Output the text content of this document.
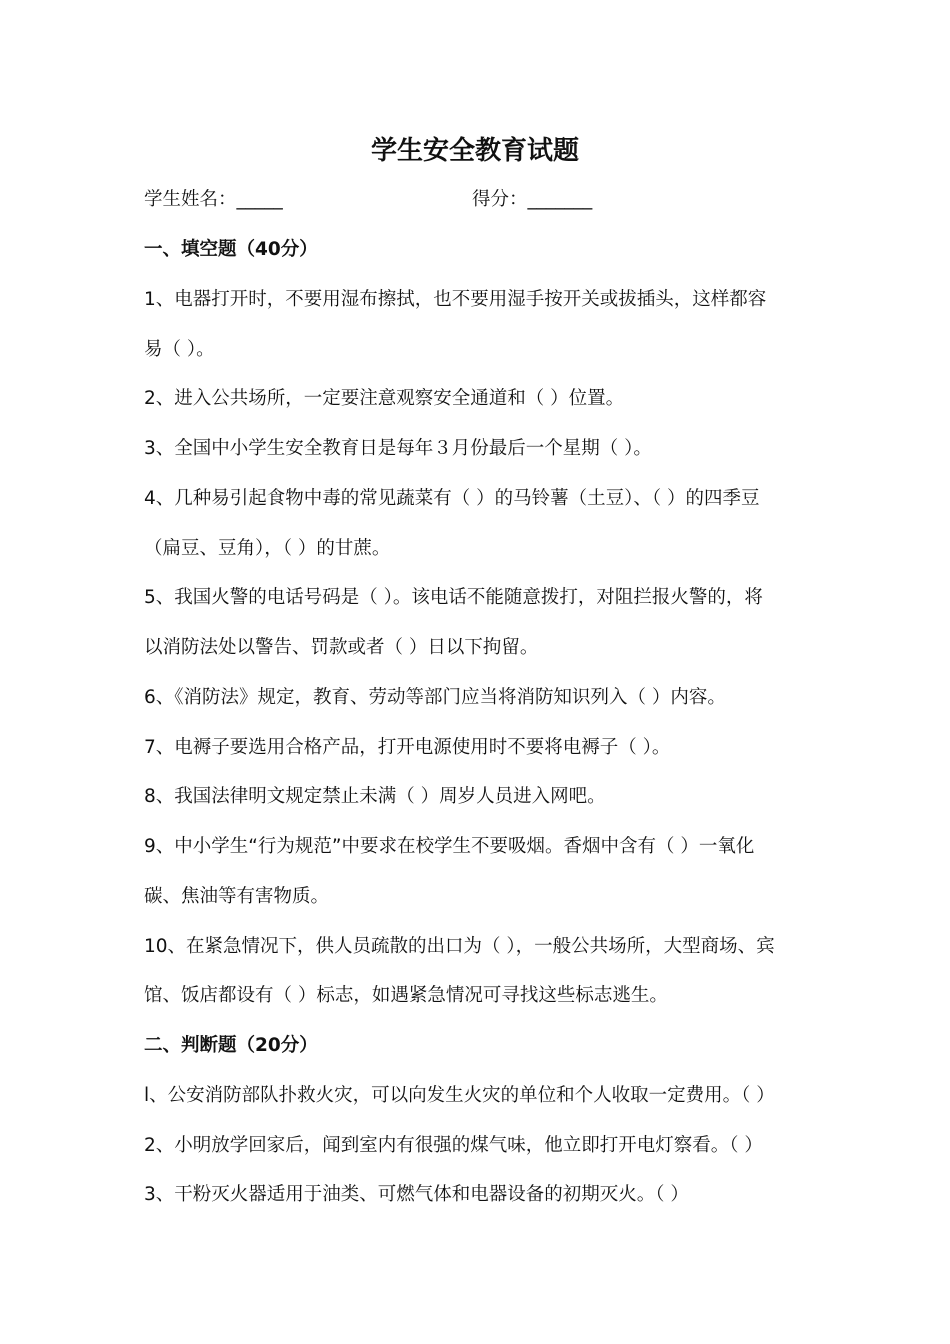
学生安全教育试题
学生姓名：_____	得分：_______

一、填空题（40分）

1、电器打开时，不要用湿布擦拭，也不要用湿手按开关或拔插头，这样都容

易（ ）。

2、进入公共场所，一定要注意观察安全通道和（ ）位置。

3、全国中小学生安全教育日是每年３月份最后一个星期（ ）。

4、几种易引起食物中毒的常见蔬菜有（ ）的马铃薯（土豆）、（ ）的四季豆

（扁豆、豆角），（ ）的甘蔗。

5、我国火警的电话号码是（ ）。该电话不能随意拨打，对阻拦报火警的，将

以消防法处以警告、罚款或者（ ）日以下拘留。

6、《消防法》规定，教育、劳动等部门应当将消防知识列入（ ）内容。

7、电褥子要选用合格产品，打开电源使用时不要将电褥子（ ）。

8、我国法律明文规定禁止未满（ ）周岁人员进入网吧。

9、中小学生“行为规范”中要求在校学生不要吸烟。香烟中含有（ ）一氧化

碳、焦油等有害物质。

10、在紧急情况下，供人员疏散的出口为（ ），一般公共场所，大型商场、宾

馆、饭店都设有（ ）标志，如遇紧急情况可寻找这些标志逃生。

二、判断题（20分）

l、公安消防部队扑救火灾，可以向发生火灾的单位和个人收取一定费用。（ ）

2、小明放学回家后，闻到室内有很强的煤气味，他立即打开电灯察看。（ ）

3、干粉灭火器适用于油类、可燃气体和电器设备的初期灭火。（ ）
